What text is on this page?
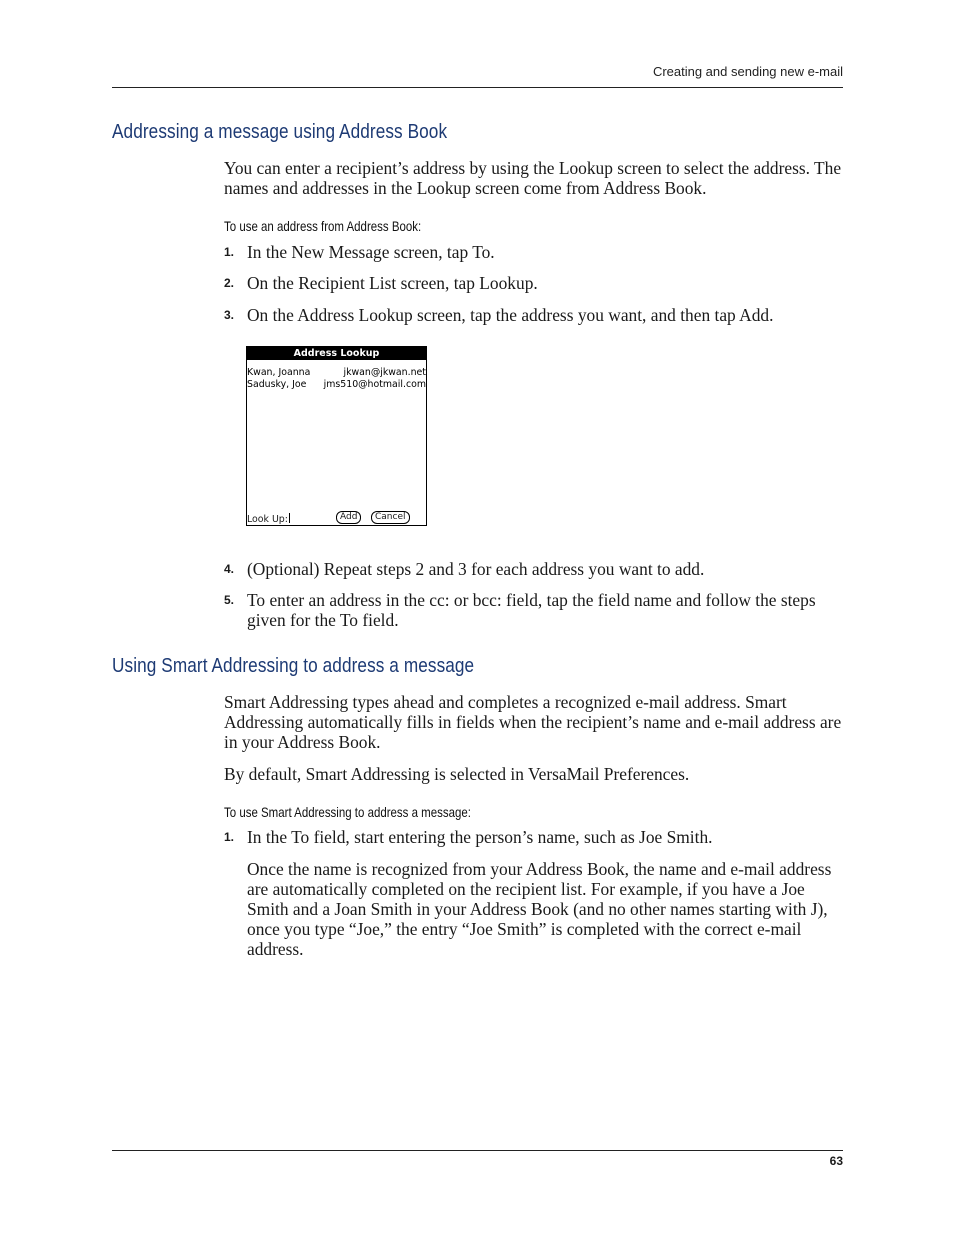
Creating and sending new e-mail
Addressing a message using Address Book

You can enter a recipient’s address by using the Lookup screen to select the address. The names and addresses in the Lookup screen come from Address Book.

To use an address from Address Book:
1. In the New Message screen, tap To.
2. On the Recipient List screen, tap Lookup.
3. On the Address Lookup screen, tap the address you want, and then tap Add.
Address Lookup
Kwan, Joanna	jkwan@jkwan.net
Sadusky, Joe jms510@hotmail.com
Look Up:	Add	Cancel
4. (Optional) Repeat steps 2 and 3 for each address you want to add.
5. To enter an address in the cc: or bcc: field, tap the field name and follow the steps given for the To field.
Using Smart Addressing to address a message

Smart Addressing types ahead and completes a recognized e-mail address. Smart Addressing automatically fills in fields when the recipient’s name and e-mail address are in your Address Book.

By default, Smart Addressing is selected in VersaMail Preferences.

To use Smart Addressing to address a message:
1. In the To field, start entering the person’s name, such as Joe Smith.

Once the name is recognized from your Address Book, the name and e-mail address are automatically completed on the recipient list. For example, if you have a Joe Smith and a Joan Smith in your Address Book (and no other names starting with J), once you type “Joe,” the entry “Joe Smith” is completed with the correct e-mail address.

63
